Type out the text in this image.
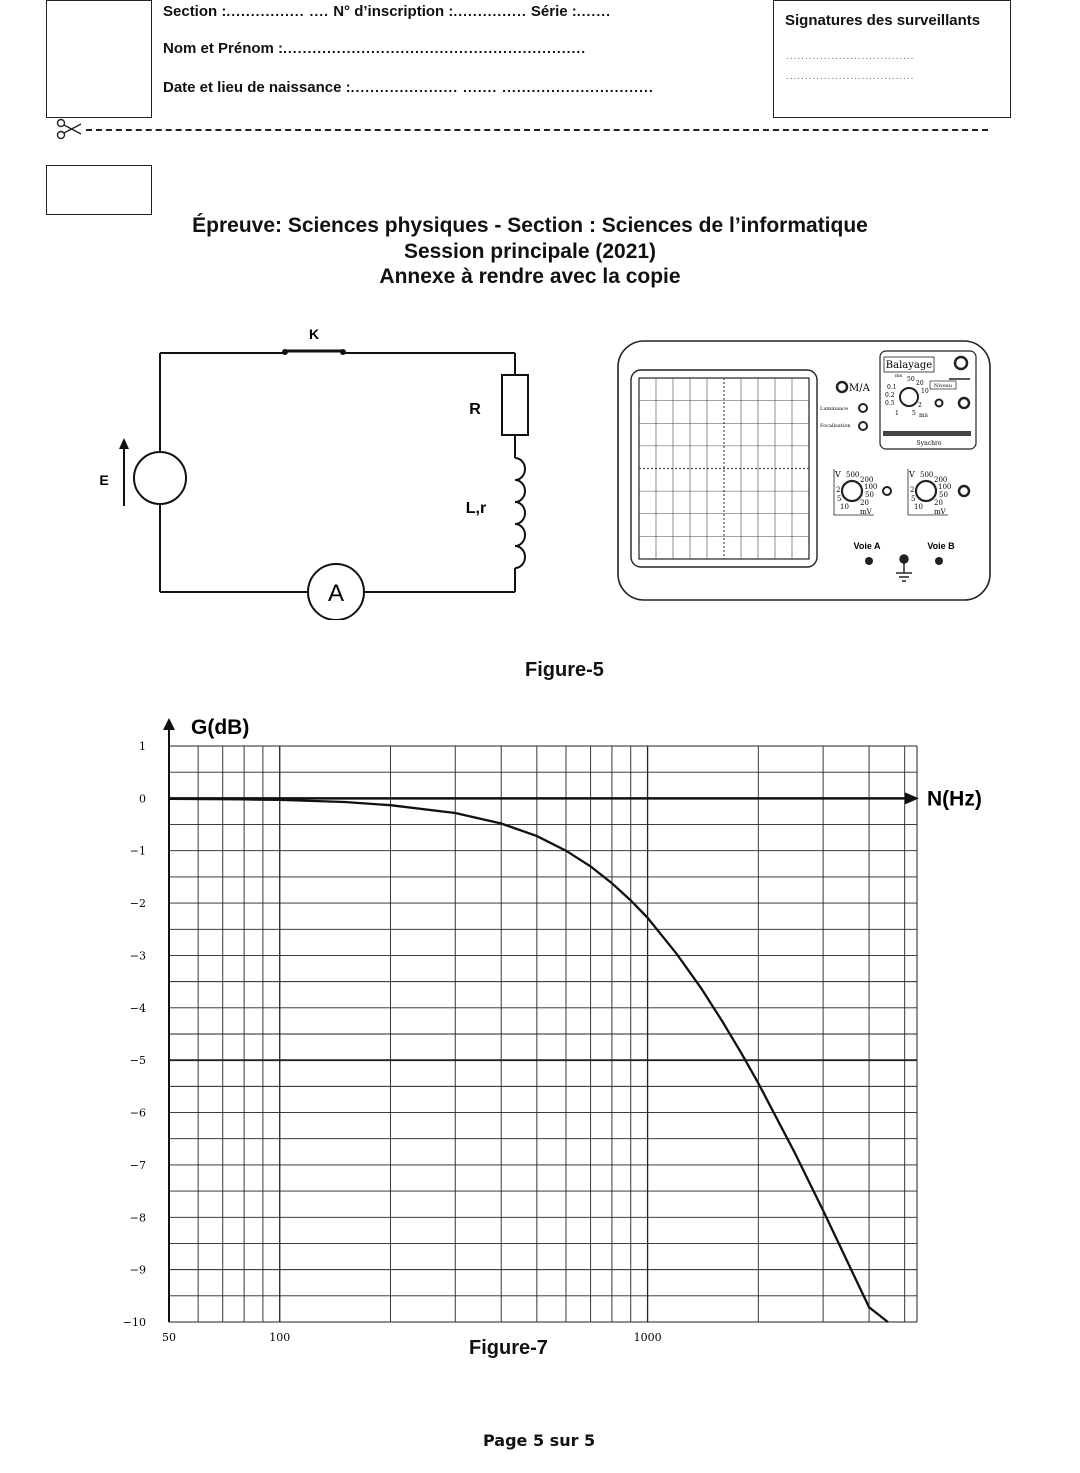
Section :................ .... N° d’inscription :............... Série :.......
Nom et Prénom :..............................................................
Date et lieu de naissance :...................... ....... ...............................
Signatures des surveillants
..................................
..................................
Épreuve: Sciences physiques - Section : Sciences de l’informatique
Session principale (2021)
Annexe à rendre avec la copie
K
R
L,r
E
A
Balayage
50
20
10
0.1
0.2
0.5
1
2
5 ms
ms
Niveau
Synchro
M/A
Luminance
Focalisation
V 500
200
100
50
20
10
5
2
mV
V 500
200
100
50
20
10
5
2
mV
Voie A	Voie B
Figure-5
1
0
−1
−2
−3
−4
−5
−6
−7
−8
−9
−10
50	100	1000
G(dB)
N(Hz)
Figure-7
Page 5 sur 5
